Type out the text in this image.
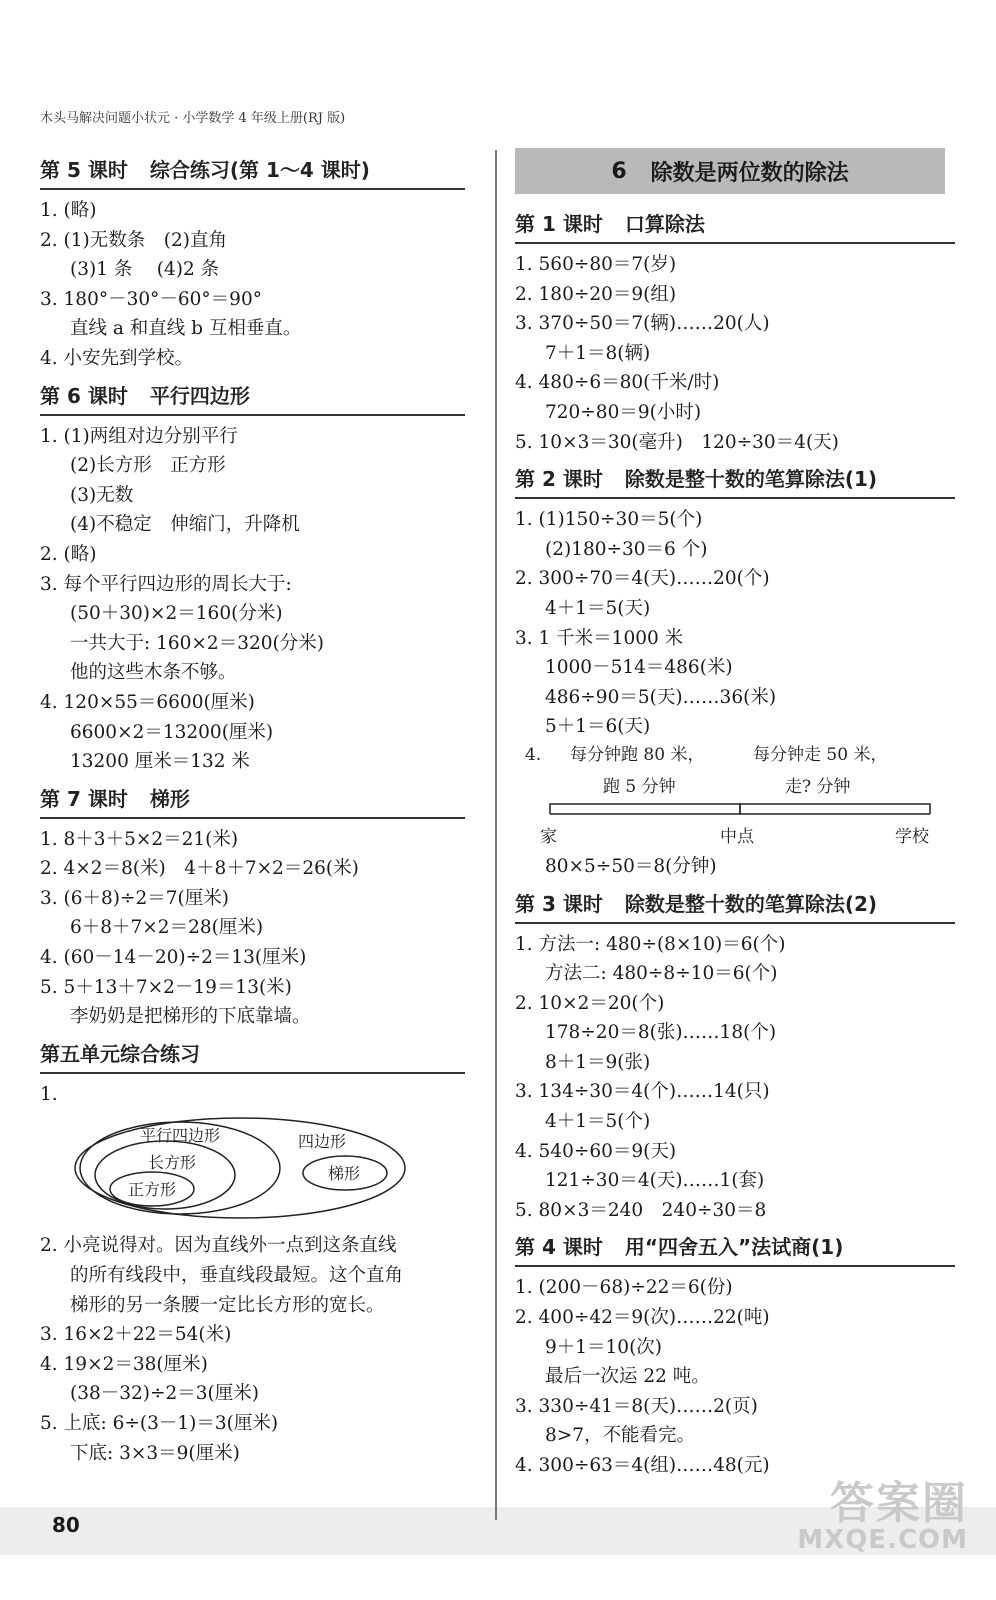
木头马解决问题小状元 · 小学数学 4 年级上册(RJ 版)
第 5 课时 综合练习(第 1～4 课时)
1. (略)
2. (1)无数条　(2)直角
(3)1 条　 (4)2 条
3. 180°－30°－60°＝90°
直线 a 和直线 b 互相垂直。
4. 小安先到学校。
第 6 课时 平行四边形
1. (1)两组对边分别平行
(2)长方形　正方形
(3)无数
(4)不稳定　伸缩门，升降机
2. (略)
3. 每个平行四边形的周长大于:
(50＋30)×2＝160(分米)
一共大于: 160×2＝320(分米)
他的这些木条不够。
4. 120×55＝6600(厘米)
6600×2＝13200(厘米)
13200 厘米＝132 米
第 7 课时 梯形
1. 8＋3＋5×2＝21(米)
2. 4×2＝8(米)　4＋8＋7×2＝26(米)
3. (6＋8)÷2＝7(厘米)
6＋8＋7×2＝28(厘米)
4. (60－14－20)÷2＝13(厘米)
5. 5＋13＋7×2－19＝13(米)
李奶奶是把梯形的下底靠墙。
第五单元综合练习
1.
平行四边形	四边形
长方形
正方形
梯形
2. 小亮说得对。因为直线外一点到这条直线
的所有线段中，垂直线段最短。这个直角
梯形的另一条腰一定比长方形的宽长。
3. 16×2＋22＝54(米)
4. 19×2＝38(厘米)
(38－32)÷2＝3(厘米)
5. 上底: 6÷(3－1)＝3(厘米)
下底: 3×3＝9(厘米)
6 除数是两位数的除法
第 1 课时 口算除法
1. 560÷80＝7(岁)
2. 180÷20＝9(组)
3. 370÷50＝7(辆)……20(人)
7＋1＝8(辆)
4. 480÷6＝80(千米/时)
720÷80＝9(小时)
5. 10×3＝30(毫升)　120÷30＝4(天)
第 2 课时 除数是整十数的笔算除法(1)
1. (1)150÷30＝5(个)
(2)180÷30＝6 个)
2. 300÷70＝4(天)……20(个)
4＋1＝5(天)
3. 1 千米＝1000 米
1000－514＝486(米)
486÷90＝5(天)……36(米)
5＋1＝6(天)
4. 每分钟跑 80 米，	每分钟走 50 米，
跑 5 分钟	走? 分钟
家	中点	学校
80×5÷50＝8(分钟)
第 3 课时 除数是整十数的笔算除法(2)
1. 方法一: 480÷(8×10)＝6(个)
方法二: 480÷8÷10＝6(个)
2. 10×2＝20(个)
178÷20＝8(张)……18(个)
8＋1＝9(张)
3. 134÷30＝4(个)……14(只)
4＋1＝5(个)
4. 540÷60＝9(天)
121÷30＝4(天)……1(套)
5. 80×3＝240　240÷30＝8
第 4 课时 用“四舍五入”法试商(1)
1. (200－68)÷22＝6(份)
2. 400÷42＝9(次)……22(吨)
9＋1＝10(次)
最后一次运 22 吨。
3. 330÷41＝8(天)……2(页)
8>7，不能看完。
4. 300÷63＝4(组)……48(元)
80	答案圈
MXQE.COM
